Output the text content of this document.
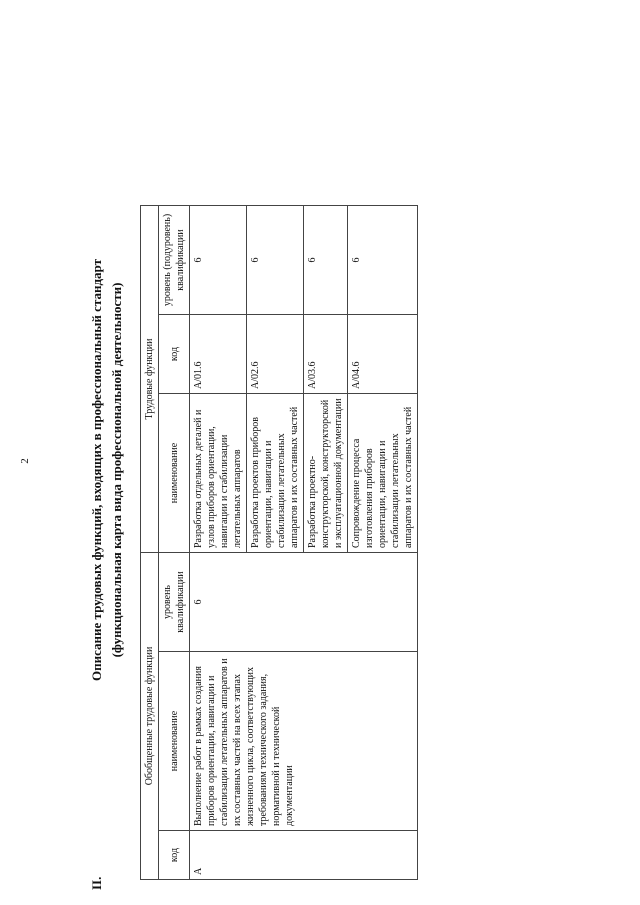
2
II.
Описание трудовых функций, входящих в профессиональный стандарт (функциональная карта вида профессиональной деятельности)
Обобщенные трудовые функции			Трудовые функции		
код	наименование	уровень квалификации	наименование	код	уровень (подуровень) квалификации
A	Выполнение работ в рамках создания приборов ориентации, навигации и стабилизации летательных аппаратов и их составных частей на всех этапах жизненного цикла, соответствующих требованиям технического задания, нормативной и технической документации	6	Разработка отдельных деталей и узлов приборов ориентации, навигации и стабилизации летательных аппаратов	A/01.6	6
			Разработка проектов приборов ориентации, навигации и стабилизации летательных аппаратов и их составных частей	A/02.6	6
			Разработка проектно-конструкторской, конструкторской и эксплуатационной документации	A/03.6	6
			Сопровождение процесса изготовления приборов ориентации, навигации и стабилизации летательных аппаратов и их составных частей	A/04.6	6
